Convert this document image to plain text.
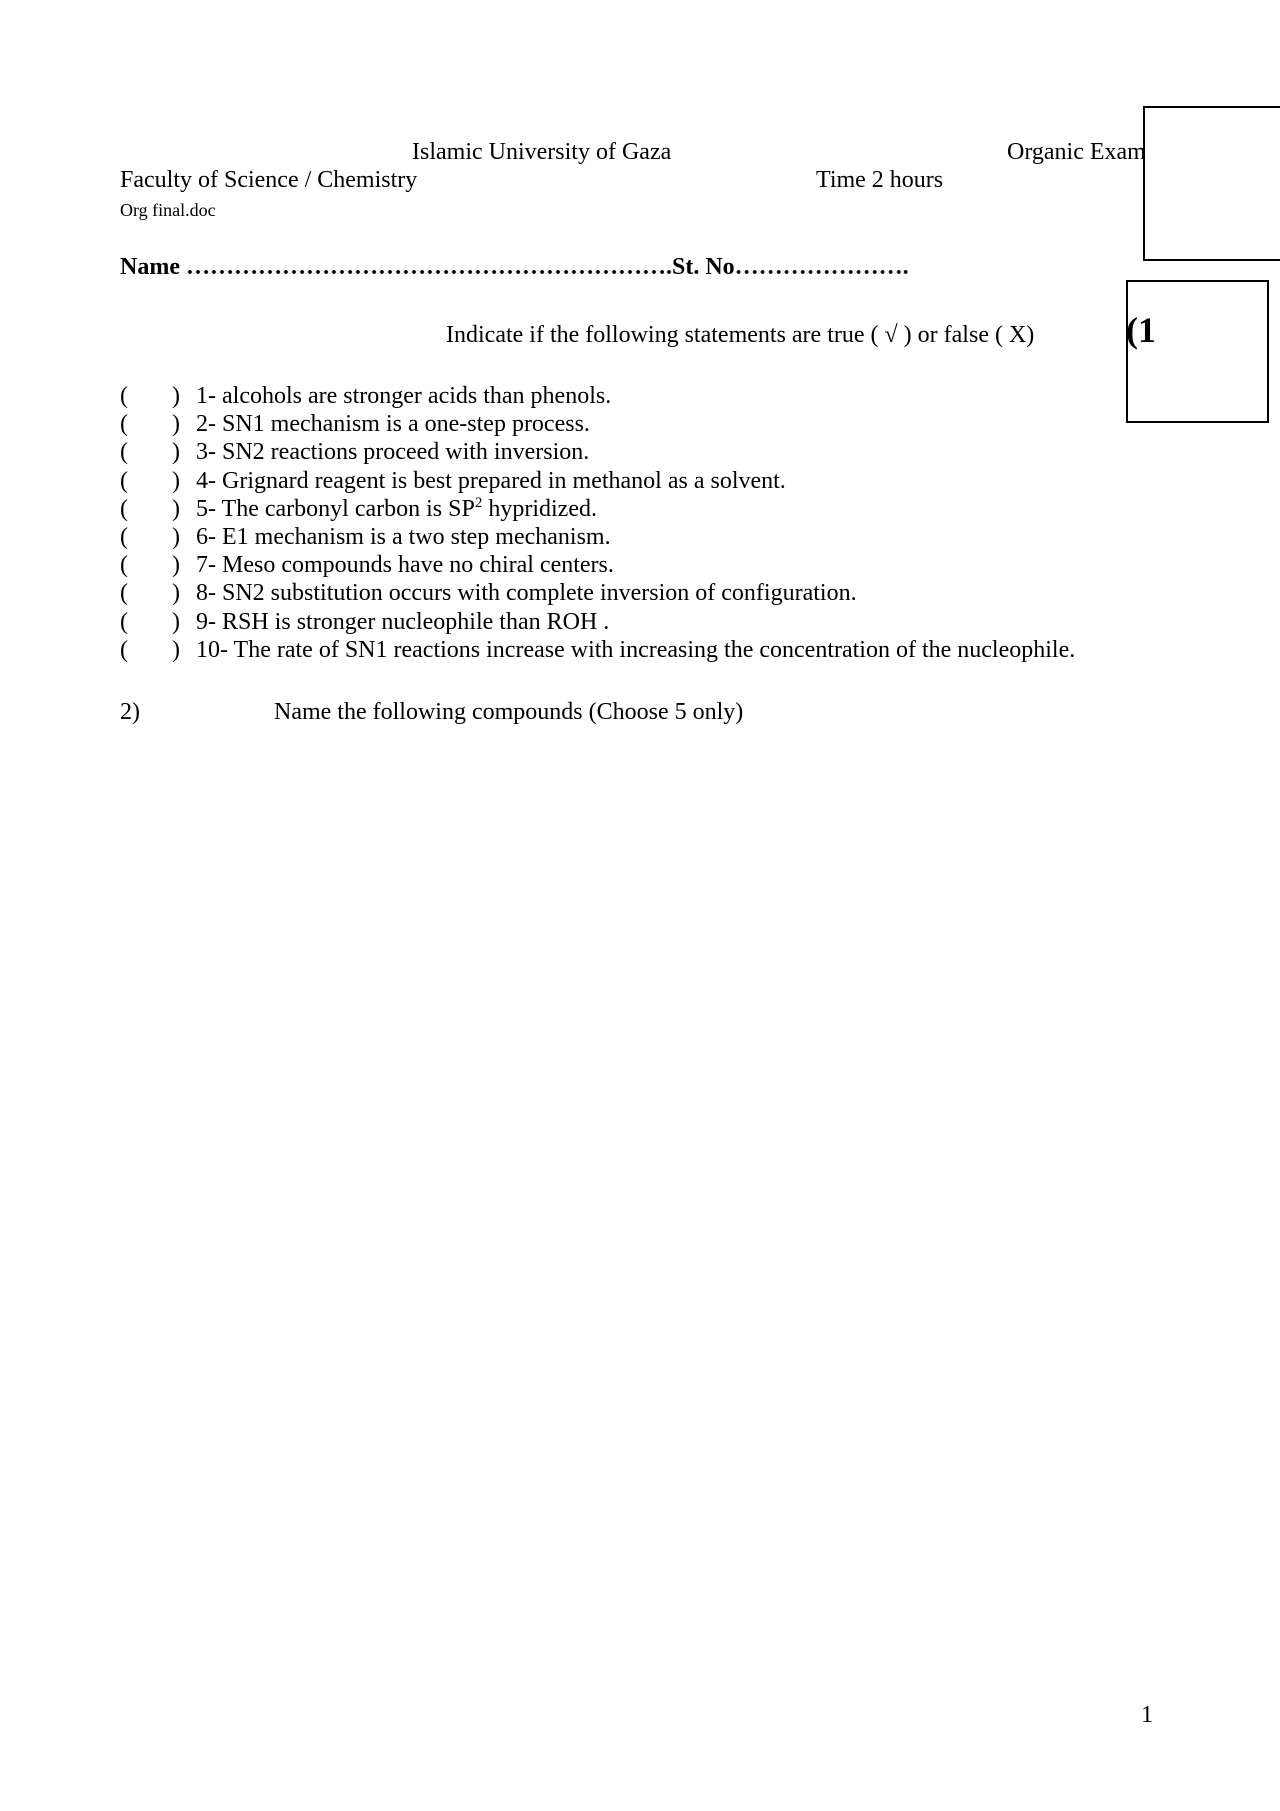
(1
Islamic University of Gaza	Organic Exam
Faculty of Science / Chemistry	Time 2 hours
Org final.doc
Name …………………………………………………….St. No………………….
Indicate if the following statements are true ( √ ) or false ( X)
( ) 1- alcohols are stronger acids than phenols.
( ) 2- SN1 mechanism is a one-step process.
( ) 3- SN2 reactions proceed with inversion.
( ) 4- Grignard reagent is best prepared in methanol as a solvent.
( ) 5- The carbonyl carbon is $SP^2$ hypridized.
( ) 6- E1 mechanism is a two step mechanism.
( ) 7- Meso compounds have no chiral centers.
( ) 8- SN2 substitution occurs with complete inversion of configuration.
( ) 9- RSH is stronger nucleophile than ROH .
( ) 10- The rate of SN1 reactions increase with increasing the concentration of the nucleophile.
2)	Name the following compounds (Choose 5 only)
1
